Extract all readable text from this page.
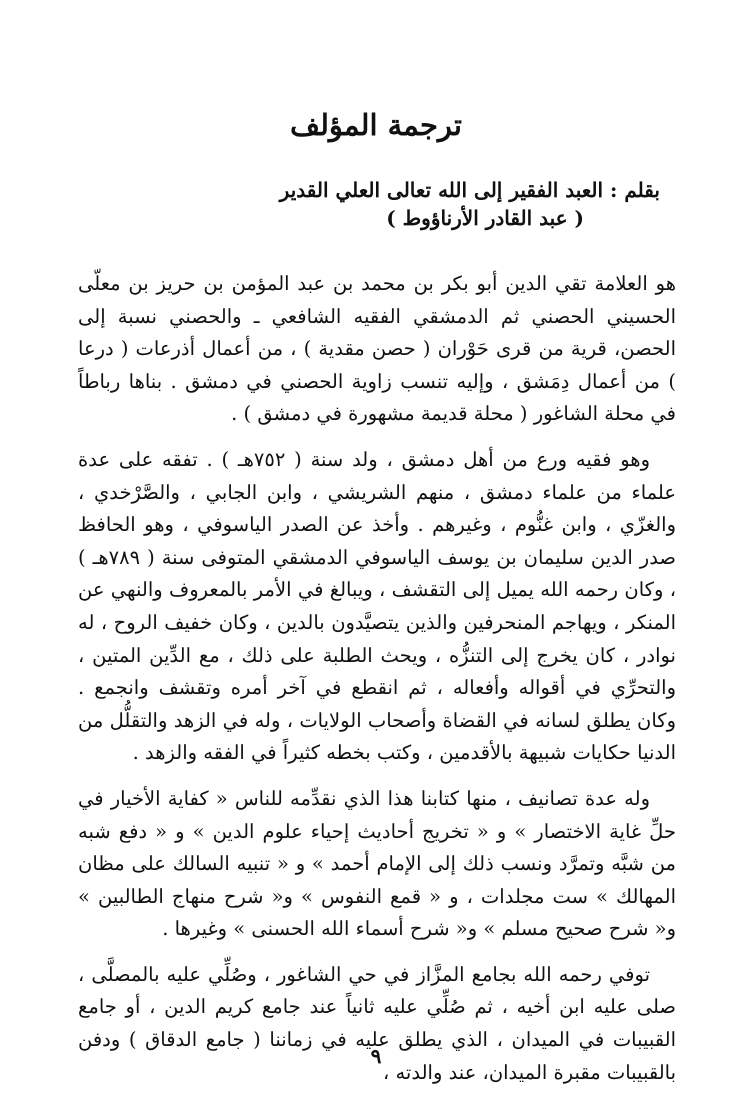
ترجمة المؤلف
بقلم : العبد الفقير إلى الله تعالى العلي القدير
( عبد القادر الأرناؤوط )

هو العلامة تقي الدين أبو بكر بن محمد بن عبد المؤمن بن حريز بن معلّى الحسيني الحصني ثم الدمشقي الفقيه الشافعي ـ والحصني نسبة إلى الحصن، قرية من قرى حَوْران ( حصن مقدية ) ، من أعمال أذرعات ( درعا ) من أعمال دِمَشق ، وإليه تنسب زاوية الحصني في دمشق . بناها رباطاً في محلة الشاغور ( محلة قديمة مشهورة في دمشق ) .

وهو فقيه ورع من أهل دمشق ، ولد سنة ( ٧٥٢هـ ) . تفقه على عدة علماء من علماء دمشق ، منهم الشريشي ، وابن الجابي ، والصَّرْخدي ، والغزّي ، وابن غنُّوم ، وغيرهم . وأخذ عن الصدر الياسوفي ، وهو الحافظ صدر الدين سليمان بن يوسف الياسوفي الدمشقي المتوفى سنة ( ٧٨٩هـ ) ، وكان رحمه الله يميل إلى التقشف ، ويبالغ في الأمر بالمعروف والنهي عن المنكر ، ويهاجم المنحرفين والذين يتصيَّدون بالدين ، وكان خفيف الروح ، له نوادر ، كان يخرج إلى التنزُّه ، ويحث الطلبة على ذلك ، مع الدِّين المتين ، والتحرِّي في أقواله وأفعاله ، ثم انقطع في آخر أمره وتقشف وانجمع . وكان يطلق لسانه في القضاة وأصحاب الولايات ، وله في الزهد والتقلُّل من الدنيا حكايات شبيهة بالأقدمين ، وكتب بخطه كثيراً في الفقه والزهد .

وله عدة تصانيف ، منها كتابنا هذا الذي نقدِّمه للناس « كفاية الأخيار في حلِّ غاية الاختصار » و « تخريج أحاديث إحياء علوم الدين » و « دفع شبه من شبَّه وتمرَّد ونسب ذلك إلى الإمام أحمد » و « تنبيه السالك على مظان المهالك » ست مجلدات ، و « قمع النفوس » و« شرح منهاج الطالبين » و« شرح صحيح مسلم » و« شرح أسماء الله الحسنى » وغيرها .

توفي رحمه الله بجامع المزَّاز في حي الشاغور ، وصُلِّي عليه بالمصلَّى ، صلى عليه ابن أخيه ، ثم صُلِّي عليه ثانياً عند جامع كريم الدين ، أو جامع القبيبات في الميدان ، الذي يطلق عليه في زماننا ( جامع الدقاق ) ودفن بالقبيبات مقبرة الميدان، عند والدته ،

٩
